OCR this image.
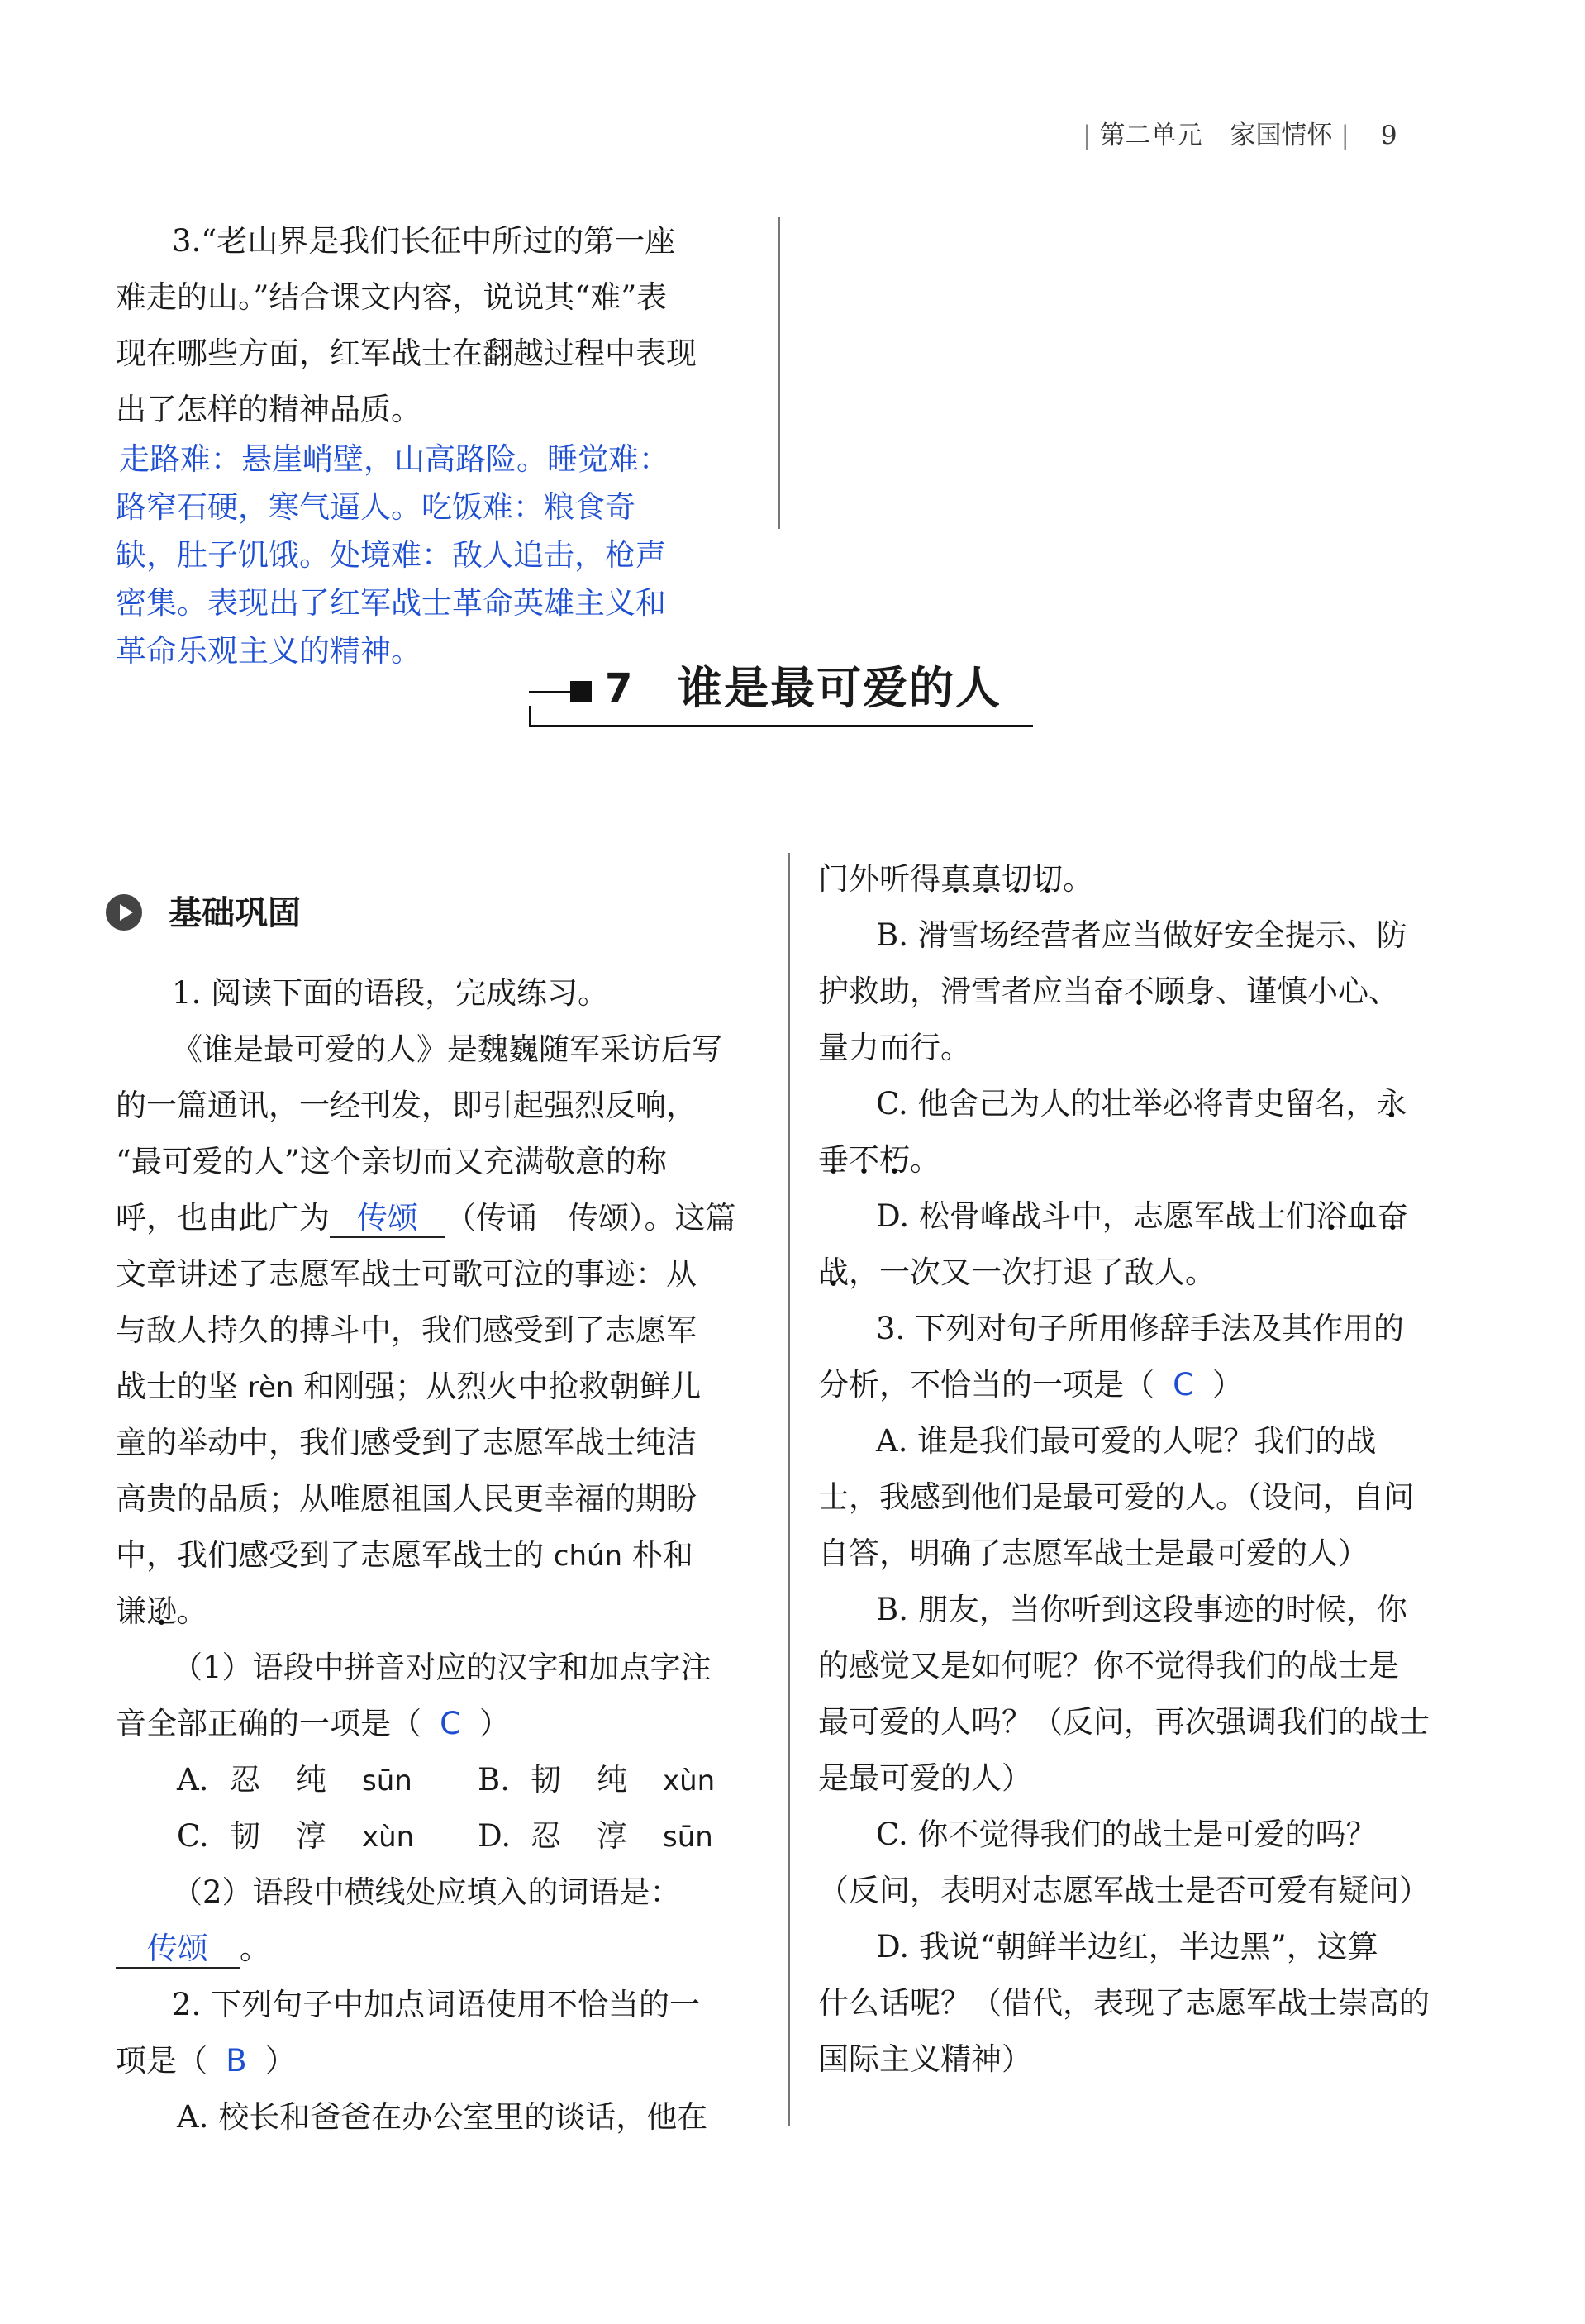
| 第二单元 家国情怀 | 9
3.“老山界是我们长征中所过的第一座
难走的山。”结合课文内容，说说其“难”表
现在哪些方面，红军战士在翻越过程中表现
出了怎样的精神品质。
走路难：悬崖峭壁，山高路险。睡觉难：
路窄石硬，寒气逼人。吃饭难：粮食奇
缺，肚子饥饿。处境难：敌人追击，枪声
密集。表现出了红军战士革命英雄主义和
革命乐观主义的精神。
7 谁是最可爱的人
基础巩固
1. 阅读下面的语段，完成练习。
《谁是最可爱的人》是魏巍随军采访后写
的一篇通讯，一经刊发，即引起强烈反响，
“最可爱的人”这个亲切而又充满敬意的称
呼，也由此广为 传颂 （传诵　传颂）。这篇
文章讲述了志愿军战士可歌可泣的事迹：从
与敌人持久的搏斗中，我们感受到了志愿军
战士的坚 rèn 和刚强；从烈火中抢救朝鲜儿
童的举动中，我们感受到了志愿军战士纯洁
高贵的品质；从唯愿祖国人民更幸福的期盼
中，我们感受到了志愿军战士的 chún 朴和
谦逊。
（1）语段中拼音对应的汉字和加点字注
音全部正确的一项是（ C ）
A. 忍 纯 sūn B. 韧 纯 xùn
C. 韧 淳 xùn D. 忍 淳 sūn
（2）语段中横线处应填入的词语是：
传颂 。
2. 下列句子中加点词语使用不恰当的一
项是（ B ）
A. 校长和爸爸在办公室里的谈话，他在
门外听得真真切切。
B. 滑雪场经营者应当做好安全提示、防
护救助，滑雪者应当奋不顾身、谨慎小心、
量力而行。
C. 他舍己为人的壮举必将青史留名，永
垂不朽。
D. 松骨峰战斗中，志愿军战士们浴血奋
战，一次又一次打退了敌人。
3. 下列对句子所用修辞手法及其作用的
分析，不恰当的一项是（ C ）
A. 谁是我们最可爱的人呢？我们的战
士，我感到他们是最可爱的人。（设问，自问
自答，明确了志愿军战士是最可爱的人）
B. 朋友，当你听到这段事迹的时候，你
的感觉又是如何呢？你不觉得我们的战士是
最可爱的人吗？（反问，再次强调我们的战士
是最可爱的人）
C. 你不觉得我们的战士是可爱的吗？
（反问，表明对志愿军战士是否可爱有疑问）
D. 我说“朝鲜半边红，半边黑”，这算
什么话呢？（借代，表现了志愿军战士崇高的
国际主义精神）
